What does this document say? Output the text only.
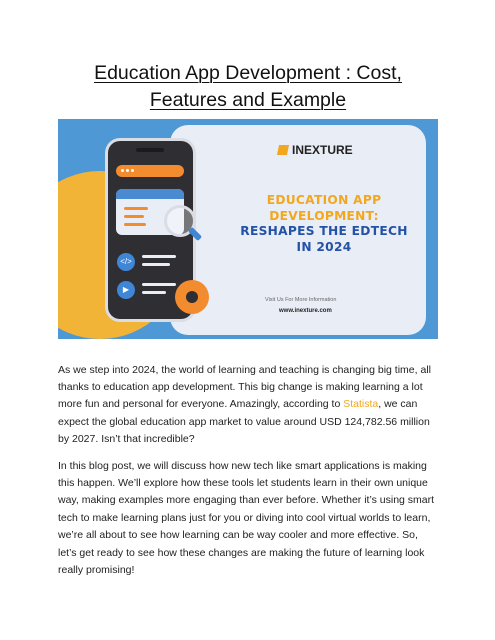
Education App Development : Cost, Features and Example
</>
▶
INEXTURE
EDUCATION APP
DEVELOPMENT:
RESHAPES THE EDTECH
IN 2024
Visit Us For More Information
www.inexture.com

As we step into 2024, the world of learning and teaching is changing big time, all thanks to education app development. This big change is making learning a lot more fun and personal for everyone. Amazingly, according to Statista, we can expect the global education app market to value around USD 124,782.56 million by 2027. Isn’t that incredible?

In this blog post, we will discuss how new tech like smart applications is making this happen. We’ll explore how these tools let students learn in their own unique way, making examples more engaging than ever before. Whether it’s using smart tech to make learning plans just for you or diving into cool virtual worlds to learn, we’re all about to see how learning can be way cooler and more effective. So, let’s get ready to see how these changes are making the future of learning look really promising!
